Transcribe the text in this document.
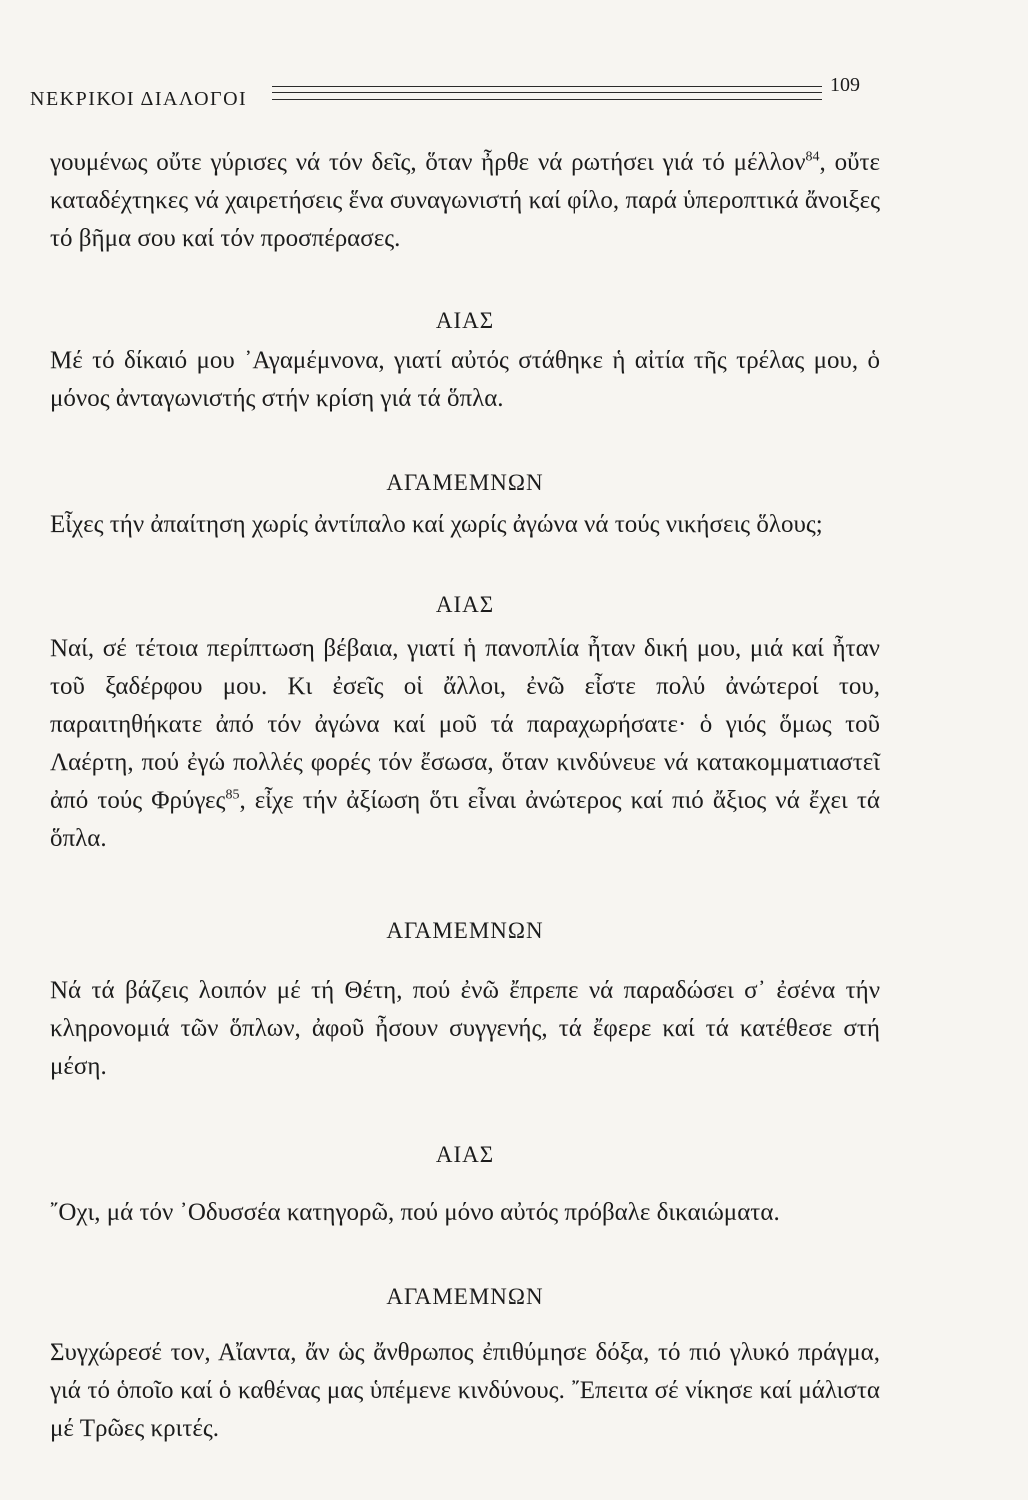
ΝΕΚΡΙΚΟΙ ΔΙΑΛΟΓΟΙ
109

γουμένως οὔτε γύρισες νά τόν δεῖς, ὅταν ἦρθε νά ρωτήσει γιά τό μέλλον$^{84}$, οὔτε καταδέχτηκες νά χαιρετήσεις ἕνα συναγωνιστή καί φίλο, παρά ὑπεροπτικά ἄνοιξες τό βῆμα σου καί τόν προσπέρασες.

ΑΙΑΣ

Μέ τό δίκαιό μου ᾿Αγαμέμνονα, γιατί αὐτός στάθηκε ἡ αἰτία τῆς τρέλας μου, ὁ μόνος ἀνταγωνιστής στήν κρίση γιά τά ὅπλα.

ΑΓΑΜΕΜΝΩΝ

Εἶχες τήν ἀπαίτηση χωρίς ἀντίπαλο καί χωρίς ἀγώνα νά τούς νικήσεις ὅλους;

ΑΙΑΣ

Ναί, σέ τέτοια περίπτωση βέβαια, γιατί ἡ πανοπλία ἦταν δική μου, μιά καί ἦταν τοῦ ξαδέρφου μου. Κι ἐσεῖς οἱ ἄλλοι, ἐνῶ εἶστε πολύ ἀνώτεροί του, παραιτηθήκατε ἀπό τόν ἀγώνα καί μοῦ τά παραχωρήσατε· ὁ γιός ὅμως τοῦ Λαέρτη, πού ἐγώ πολλές φορές τόν ἔσωσα, ὅταν κινδύνευε νά κατακομματιαστεῖ ἀπό τούς Φρύγες$^{85}$, εἶχε τήν ἀξίωση ὅτι εἶναι ἀνώτερος καί πιό ἄξιος νά ἔχει τά ὅπλα.

ΑΓΑΜΕΜΝΩΝ

Νά τά βάζεις λοιπόν μέ τή Θέτη, πού ἐνῶ ἔπρεπε νά παραδώσει σ᾿ ἐσένα τήν κληρονομιά τῶν ὅπλων, ἀφοῦ ἦσουν συγγενής, τά ἔφερε καί τά κατέθεσε στή μέση.

ΑΙΑΣ

῎Οχι, μά τόν ᾿Οδυσσέα κατηγορῶ, πού μόνο αὐτός πρόβαλε δικαιώματα.

ΑΓΑΜΕΜΝΩΝ

Συγχώρεσέ τον, Αἴαντα, ἄν ὡς ἄνθρωπος ἐπιθύμησε δόξα, τό πιό γλυκό πράγμα, γιά τό ὁποῖο καί ὁ καθένας μας ὑπέμενε κινδύνους. ῎Επειτα σέ νίκησε καί μάλιστα μέ Τρῶες κριτές.
